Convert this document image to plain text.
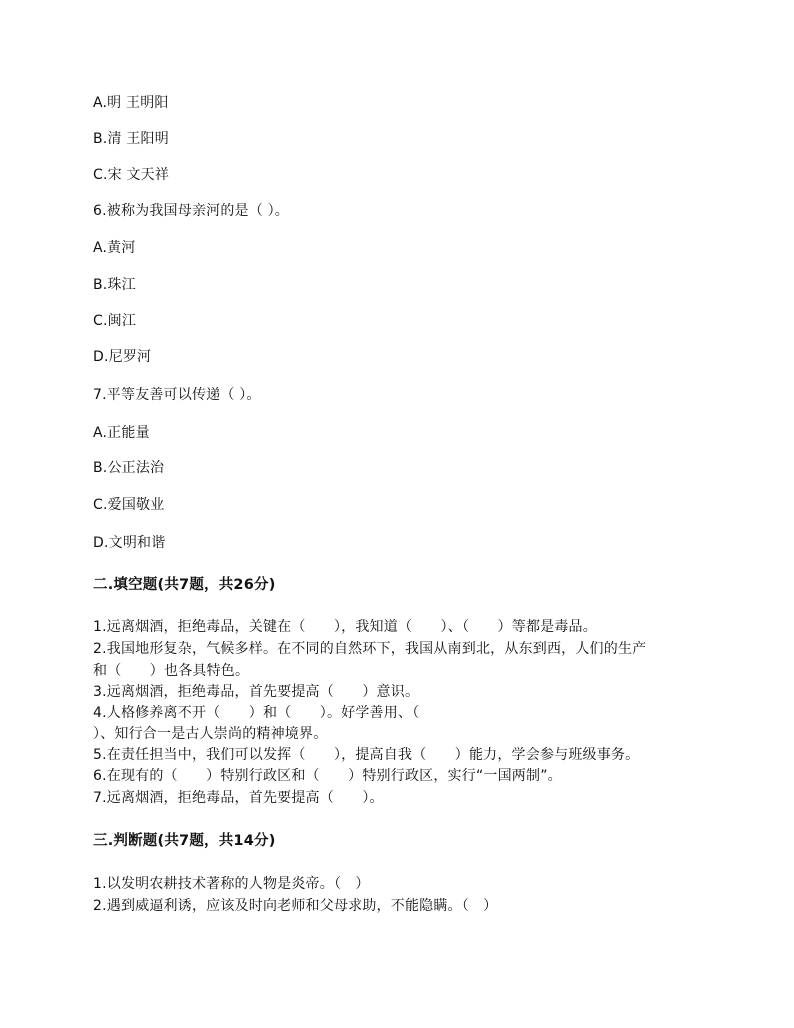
A.明 王明阳
B.清 王阳明
C.宋 文天祥
6.被称为我国母亲河的是（ ）。
A.黄河
B.珠江
C.闽江
D.尼罗河
7.平等友善可以传递（ ）。
A.正能量
B.公正法治
C.爱国敬业
D.文明和谐
二.填空题(共7题，共26分)
1.远离烟酒，拒绝毒品，关键在（　　），我知道（　　）、（　　）等都是毒品。
2.我国地形复杂，气候多样。在不同的自然环下，我国从南到北，从东到西，人们的生产
和（　　）也各具特色。
3.远离烟酒，拒绝毒品，首先要提高（　　）意识。
4.人格修养离不开（　　）和（　　）。好学善用、（
）、知行合一是古人崇尚的精神境界。
5.在责任担当中，我们可以发挥（　　），提高自我（　　）能力，学会参与班级事务。
6.在现有的（　　）特别行政区和（　　）特别行政区，实行“一国两制”。
7.远离烟酒，拒绝毒品，首先要提高（　　）。
三.判断题(共7题，共14分)
1.以发明农耕技术著称的人物是炎帝。（　）
2.遇到威逼利诱，应该及时向老师和父母求助，不能隐瞒。（　）
